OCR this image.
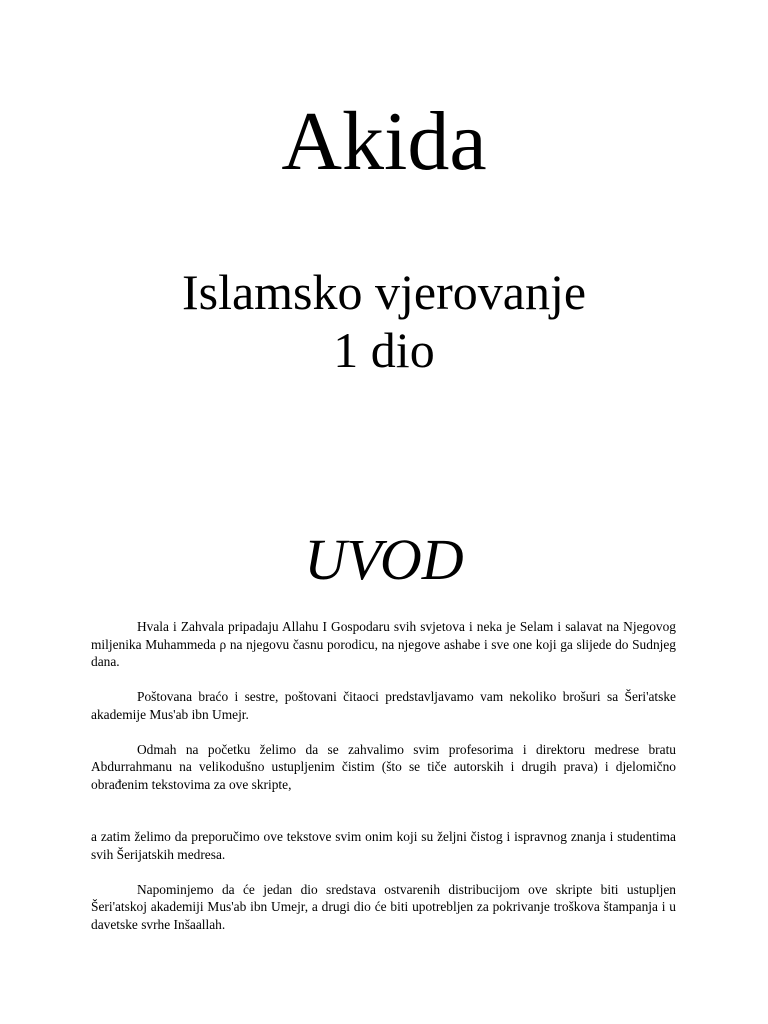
Akida
Islamsko vjerovanje
1 dio
UVOD

Hvala i Zahvala pripadaju Allahu I Gospodaru svih svjetova i neka je Selam i salavat na Njegovog miljenika Muhammeda ρ na njegovu časnu porodicu, na njegove ashabe i sve one koji ga slijede do Sudnjeg dana.

Poštovana braćo i sestre, poštovani čitaoci predstavljavamo vam nekoliko brošuri sa Šeri'atske akademije Mus'ab ibn Umejr.

Odmah na početku želimo da se zahvalimo svim profesorima i direktoru medrese bratu Abdurrahmanu na velikodušno ustupljenim čistim (što se tiče autorskih i drugih prava) i djelomično obrađenim tekstovima za ove skripte,

a zatim želimo da preporučimo ove tekstove svim onim koji su željni čistog i ispravnog znanja i studentima svih Šerijatskih medresa.

Napominjemo da će jedan dio sredstava ostvarenih distribucijom ove skripte biti ustupljen Šeri'atskoj akademiji Mus'ab ibn Umejr, a drugi dio će biti upotrebljen za pokrivanje troškova štampanja i u davetske svrhe Inšaallah.
